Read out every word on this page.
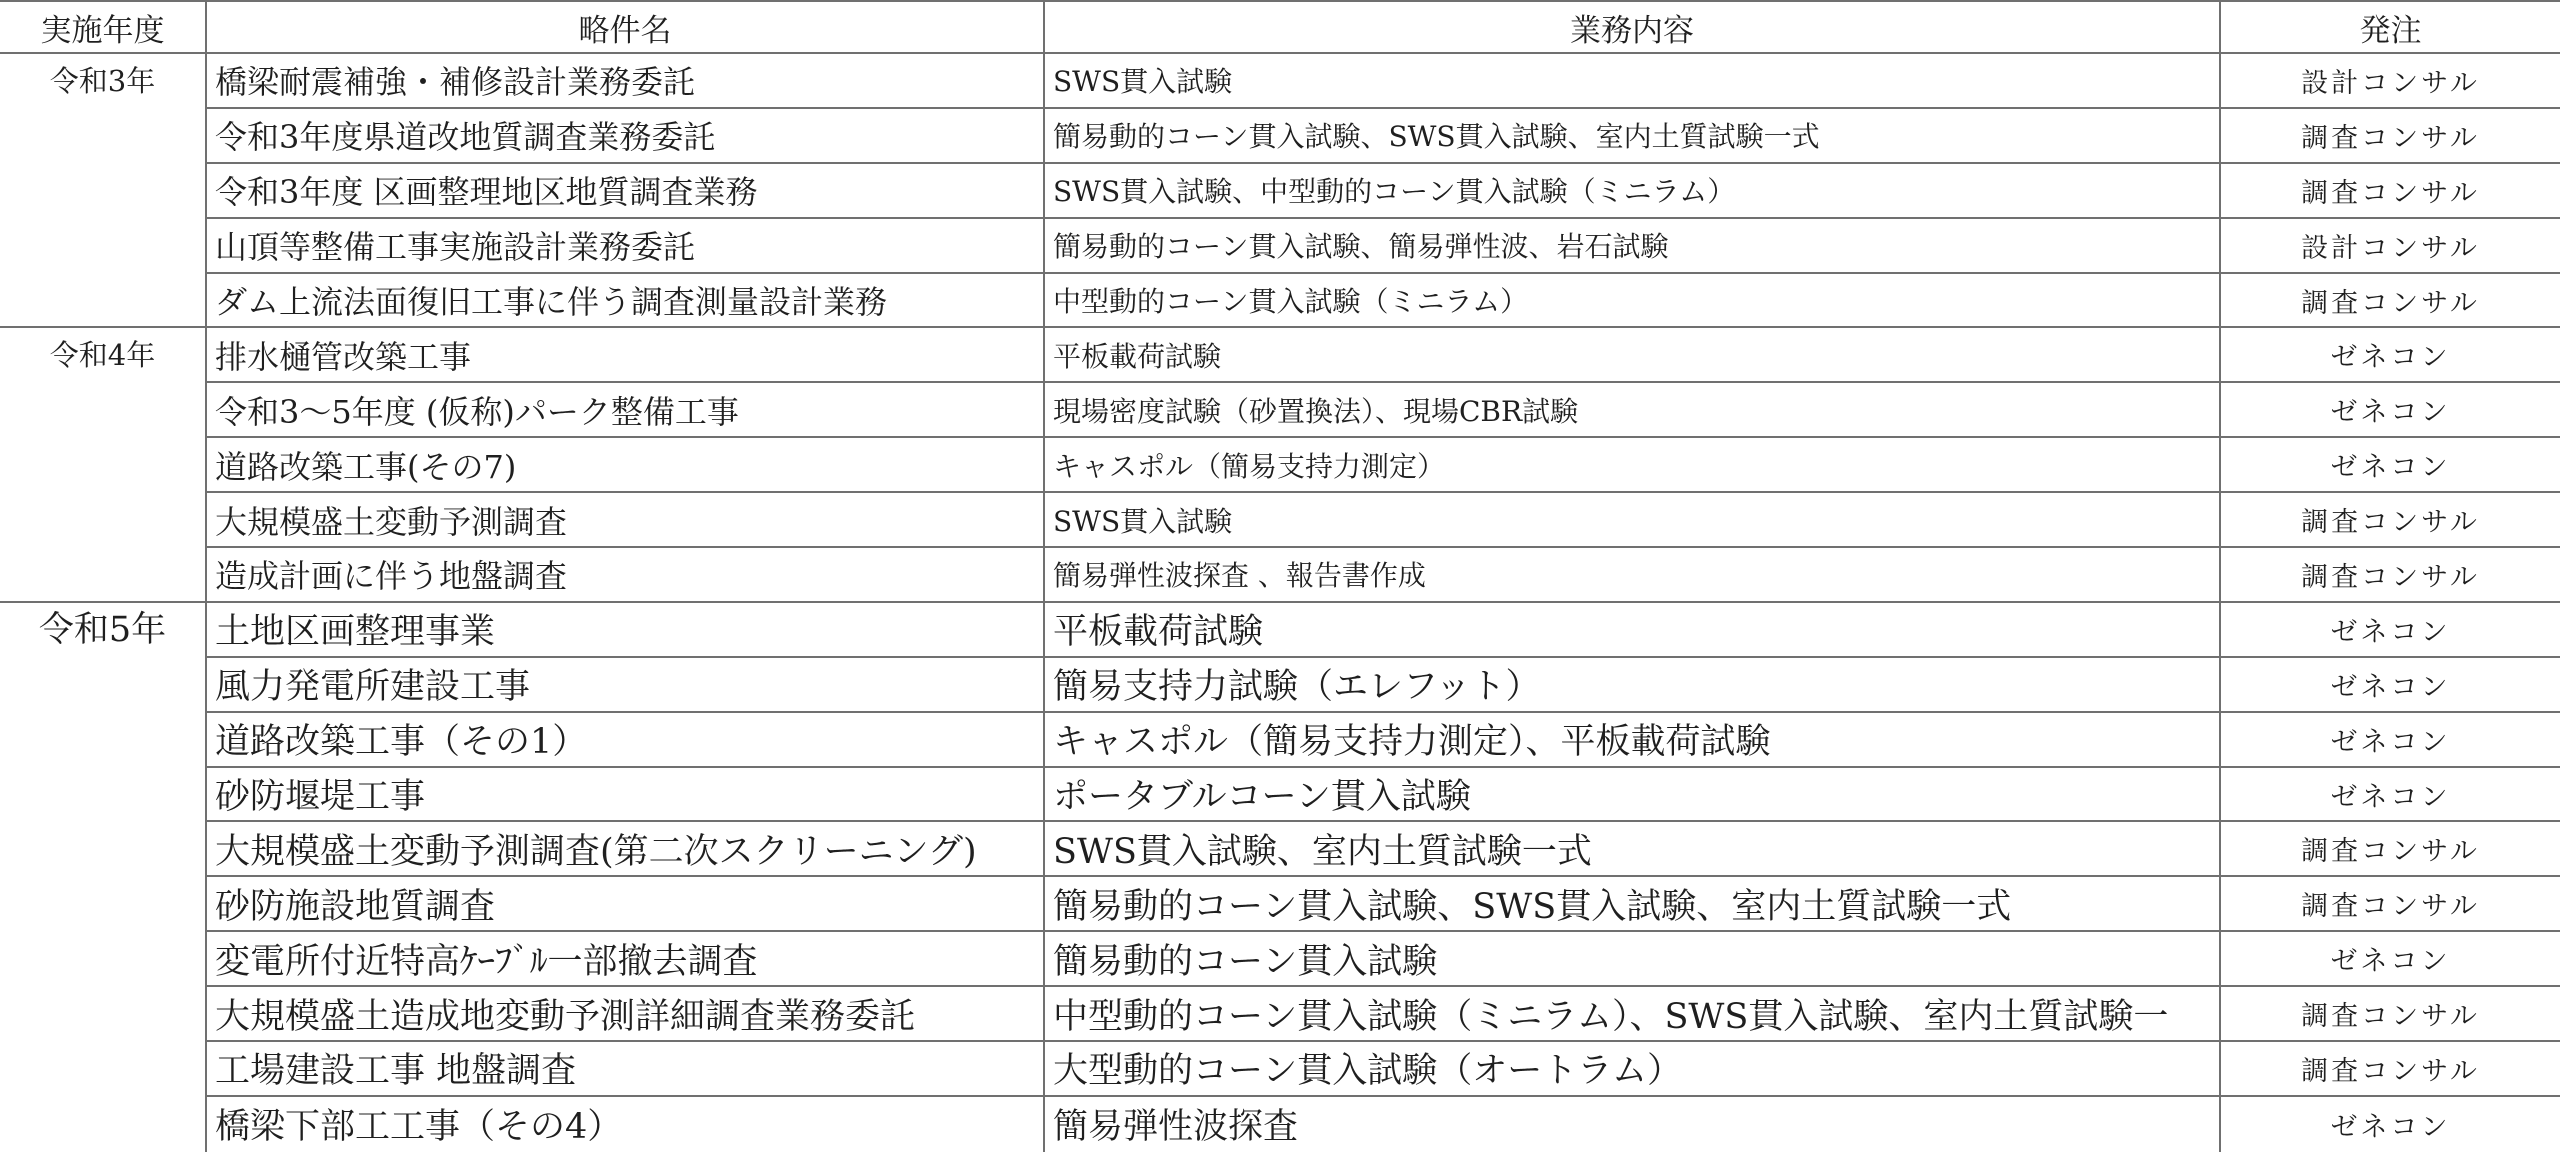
実施年度	略件名	業務内容	発注
令和3年	橋梁耐震補強・補修設計業務委託	SWS貫入試験	設計コンサル
令和3年度県道改地質調査業務委託	簡易動的コーン貫入試験、SWS貫入試験、室内土質試験一式	調査コンサル
令和3年度 区画整理地区地質調査業務	SWS貫入試験、中型動的コーン貫入試験（ミニラム）	調査コンサル
山頂等整備工事実施設計業務委託	簡易動的コーン貫入試験、簡易弾性波、岩石試験	設計コンサル
ダム上流法面復旧工事に伴う調査測量設計業務	中型動的コーン貫入試験（ミニラム）	調査コンサル
令和4年	排水樋管改築工事	平板載荷試験	ゼネコン
令和3～5年度 (仮称)パーク整備工事	現場密度試験（砂置換法）、現場CBR試験	ゼネコン
道路改築工事(その7)	キャスポル（簡易支持力測定）	ゼネコン
大規模盛土変動予測調査	SWS貫入試験	調査コンサル
造成計画に伴う地盤調査	簡易弾性波探査 、報告書作成	調査コンサル
令和5年	土地区画整理事業	平板載荷試験	ゼネコン
風力発電所建設工事	簡易支持力試験（エレフット）	ゼネコン
道路改築工事（その1）	キャスポル（簡易支持力測定）、平板載荷試験	ゼネコン
砂防堰堤工事	ポータブルコーン貫入試験	ゼネコン
大規模盛土変動予測調査(第二次スクリーニング)	SWS貫入試験、室内土質試験一式	調査コンサル
砂防施設地質調査	簡易動的コーン貫入試験、SWS貫入試験、室内土質試験一式	調査コンサル
変電所付近特高ｹｰﾌﾞﾙ一部撤去調査	簡易動的コーン貫入試験	ゼネコン
大規模盛土造成地変動予測詳細調査業務委託	中型動的コーン貫入試験（ミニラム）、SWS貫入試験、室内土質試験一	調査コンサル
工場建設工事 地盤調査	大型動的コーン貫入試験（オートラム）	調査コンサル
橋梁下部工工事（その4）	簡易弾性波探査	ゼネコン
